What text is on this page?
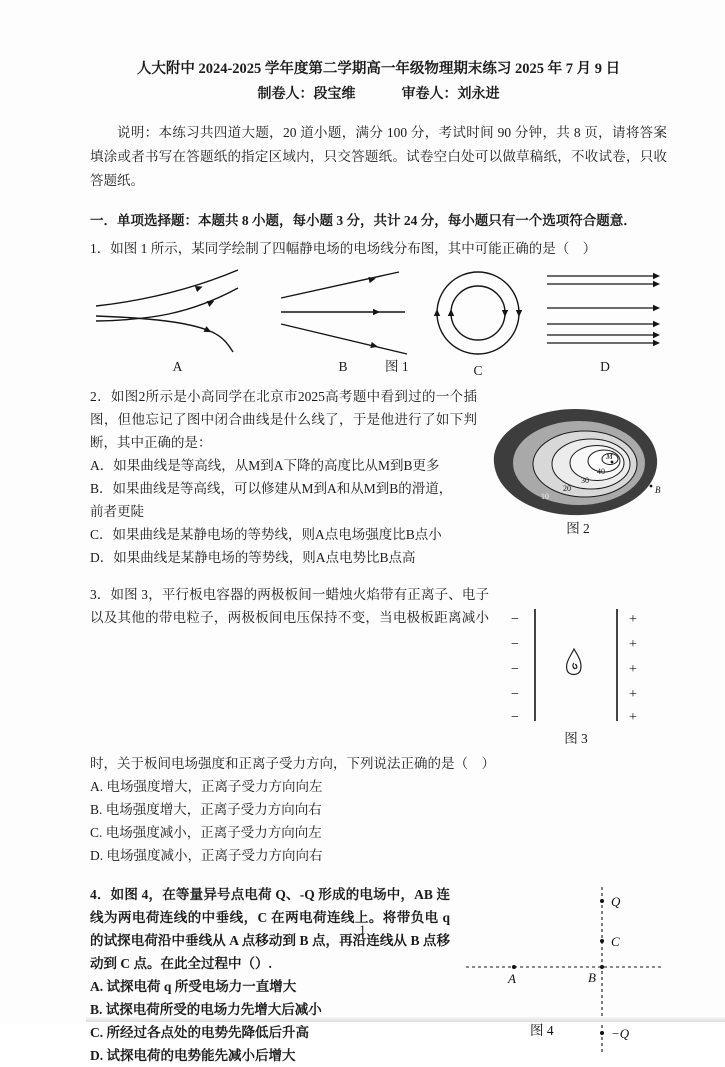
人大附中 2024-2025 学年度第二学期高一年级物理期末练习 2025 年 7 月 9 日
制卷人：段宝维	审卷人：刘永进

说明：本练习共四道大题，20 道小题，满分 100 分，考试时间 90 分钟，共 8 页，请将答案填涂或者书写在答题纸的指定区域内，只交答题纸。试卷空白处可以做草稿纸，不收试卷，只收答题纸。

一．单项选择题：本题共 8 小题，每小题 3 分，共计 24 分，每小题只有一个选项符合题意．

1．如图 1 所示，某同学绘制了四幅静电场的电场线分布图，其中可能正确的是（　）

A	B	C	D
图 1
M
40
30
20
10
B
图 2

2．如图2所示是小高同学在北京市2025高考题中看到过的一个插图，但他忘记了图中闭合曲线是什么线了，于是他进行了如下判断，其中正确的是：

A．如果曲线是等高线，从M到A下降的高度比从M到B更多

B．如果曲线是等高线，可以修建从M到A和从M到B的滑道，

前者更陡

C．如果曲线是某静电场的等势线，则A点电场强度比B点小

D．如果曲线是某静电场的等势线，则A点电势比B点高

−
−
−
−
−
+
+
+
+
+
图 3

3．如图 3，平行板电容器的两极板间一蜡烛火焰带有正离子、电子以及其他的带电粒子，两极板间电压保持不变，当电极板距离减小时，关于板间电场强度和正离子受力方向，下列说法正确的是（　）

A. 电场强度增大，正离子受力方向向左

B. 电场强度增大，正离子受力方向向右

C. 电场强度减小，正离子受力方向向左

D. 电场强度减小，正离子受力方向向右

Q
C
B
A
−Q
图 4

4．如图 4，在等量异号点电荷 Q、-Q 形成的电场中，AB 连线为两电荷连线的中垂线，C 在两电荷连线上。将带负电 q 的试探电荷沿中垂线从 A 点移动到 B 点，再沿连线从 B 点移动到 C 点。在此全过程中（）.

A. 试探电荷 q 所受电场力一直增大

B. 试探电荷所受的电场力先增大后减小

C. 所经过各点处的电势先降低后升高

D. 试探电荷的电势能先减小后增大

1
